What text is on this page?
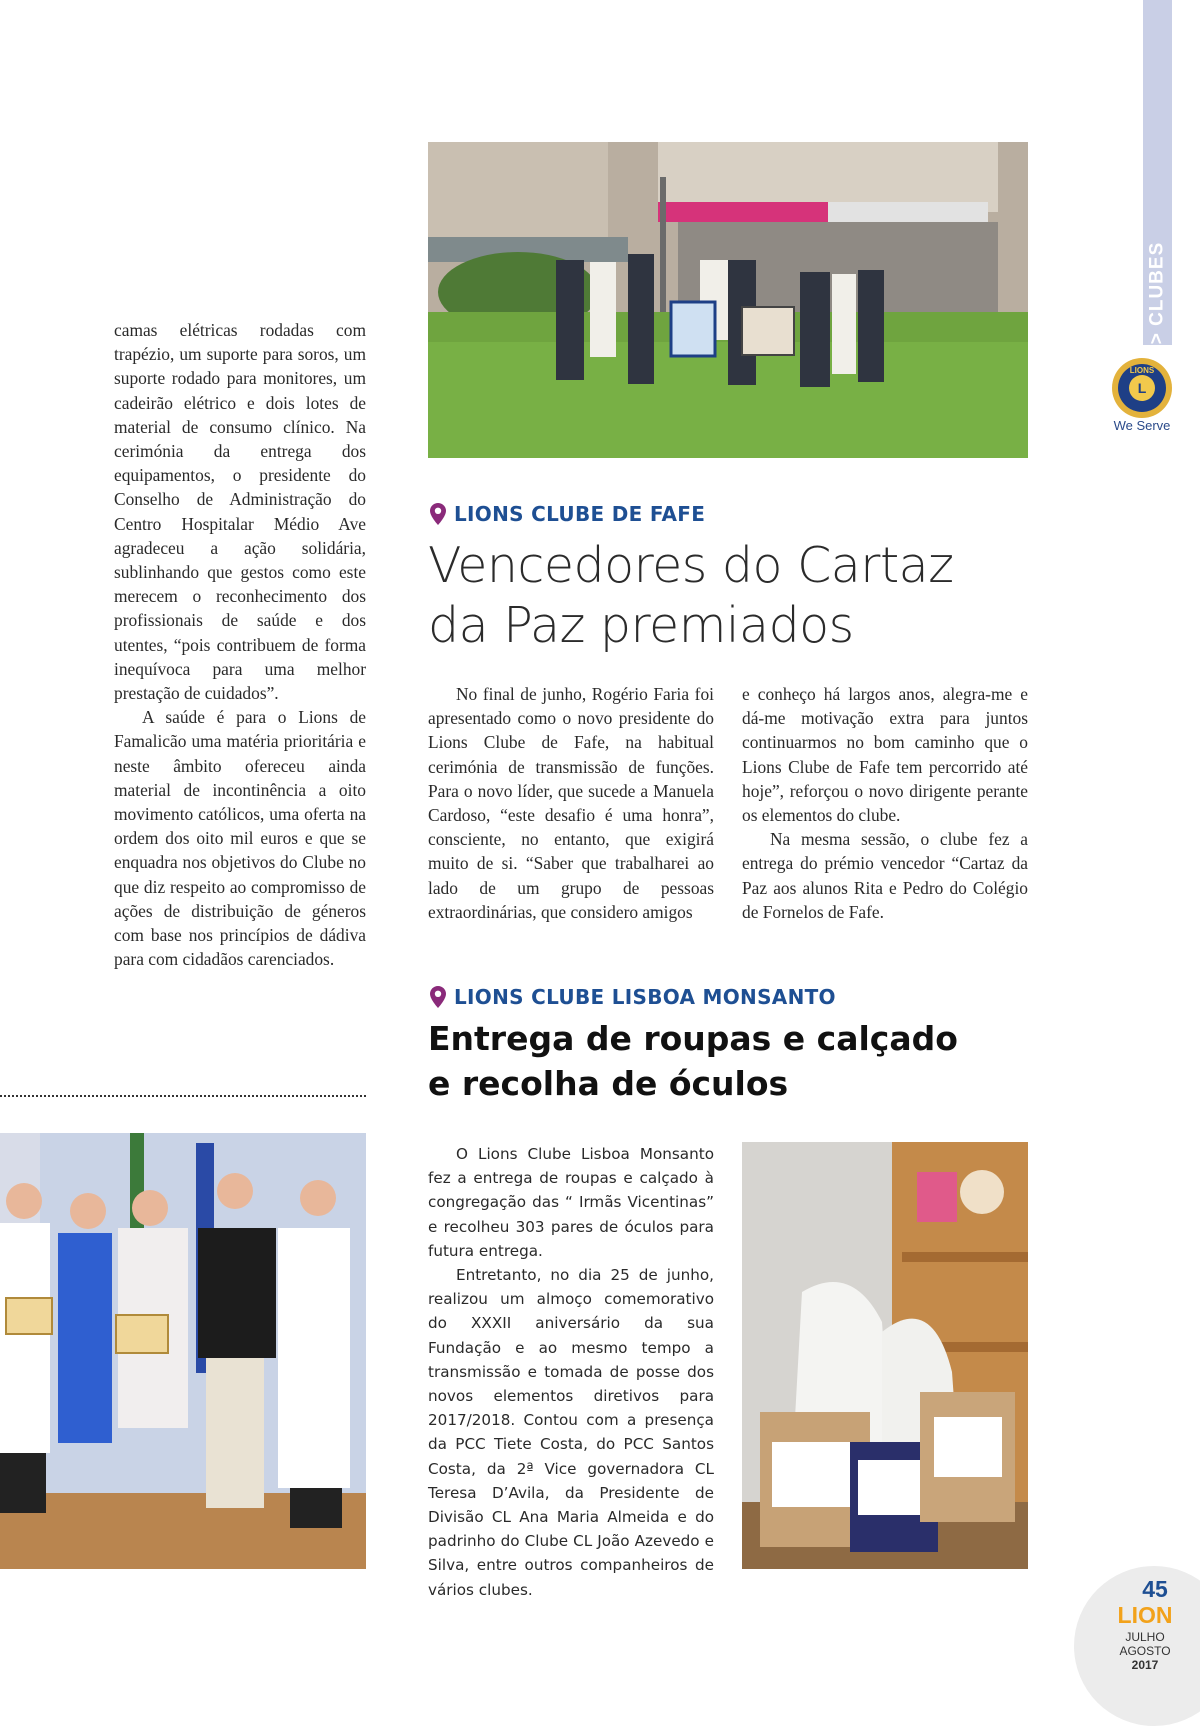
> CLUBES
LIONS
L
We Serve

camas elétricas rodadas com trapézio, um suporte para soros, um suporte rodado para monitores, um cadeirão elétrico e dois lotes de material de consumo clínico. Na cerimónia da entrega dos equipamentos, o presidente do Conselho de Administração do Centro Hospitalar Médio Ave agradeceu a ação solidária, sublinhando que gestos como este merecem o reconhecimento dos profissionais de saúde e dos utentes, “pois contribuem de forma inequívoca para uma melhor prestação de cuidados”.

A saúde é para o Lions de Famalicão uma matéria prioritária e neste âmbito ofereceu ainda material de incontinência a oito movimento católicos, uma oferta na ordem dos oito mil euros e que se enquadra nos objetivos do Clube no que diz respeito ao compromisso de ações de distribuição de géneros com base nos princípios de dádiva para com cidadãos carenciados.

LIONS CLUBE DE FAFE
Vencedores do Cartaz
da Paz premiados

No final de junho, Rogério Faria foi apresentado como o novo presidente do Lions Clube de Fafe, na habitual cerimónia de transmissão de funções. Para o novo líder, que sucede a Manuela Cardoso, “este desafio é uma honra”, consciente, no entanto, que exigirá muito de si. “Saber que trabalharei ao lado de um grupo de pessoas extraordinárias, que considero amigos

e conheço há largos anos, alegra-me e dá-me motivação extra para juntos continuarmos no bom caminho que o Lions Clube de Fafe tem percorrido até hoje”, reforçou o novo dirigente perante os elementos do clube.

Na mesma sessão, o clube fez a entrega do prémio vencedor “Cartaz da Paz aos alunos Rita e Pedro do Colégio de Fornelos de Fafe.

LIONS CLUBE LISBOA MONSANTO
Entrega de roupas e calçado
e recolha de óculos

O Lions Clube Lisboa Monsanto fez a entrega de roupas e calçado à congregação das “ Irmãs Vicentinas” e recolheu 303 pares de óculos para futura entrega.

Entretanto, no dia 25 de junho, realizou um almoço comemorativo do XXXII aniversário da sua Fundação e ao mesmo tempo a transmissão e tomada de posse dos novos elementos diretivos para 2017/2018. Contou com a presença da PCC Tiete Costa, do PCC Santos Costa, da 2ª Vice governadora CL Teresa D’Avila, da Presidente de Divisão CL Ana Maria Almeida e do padrinho do Clube CL João Azevedo e Silva, entre outros companheiros de vários clubes.	45
LION
JULHO
AGOSTO
2017
